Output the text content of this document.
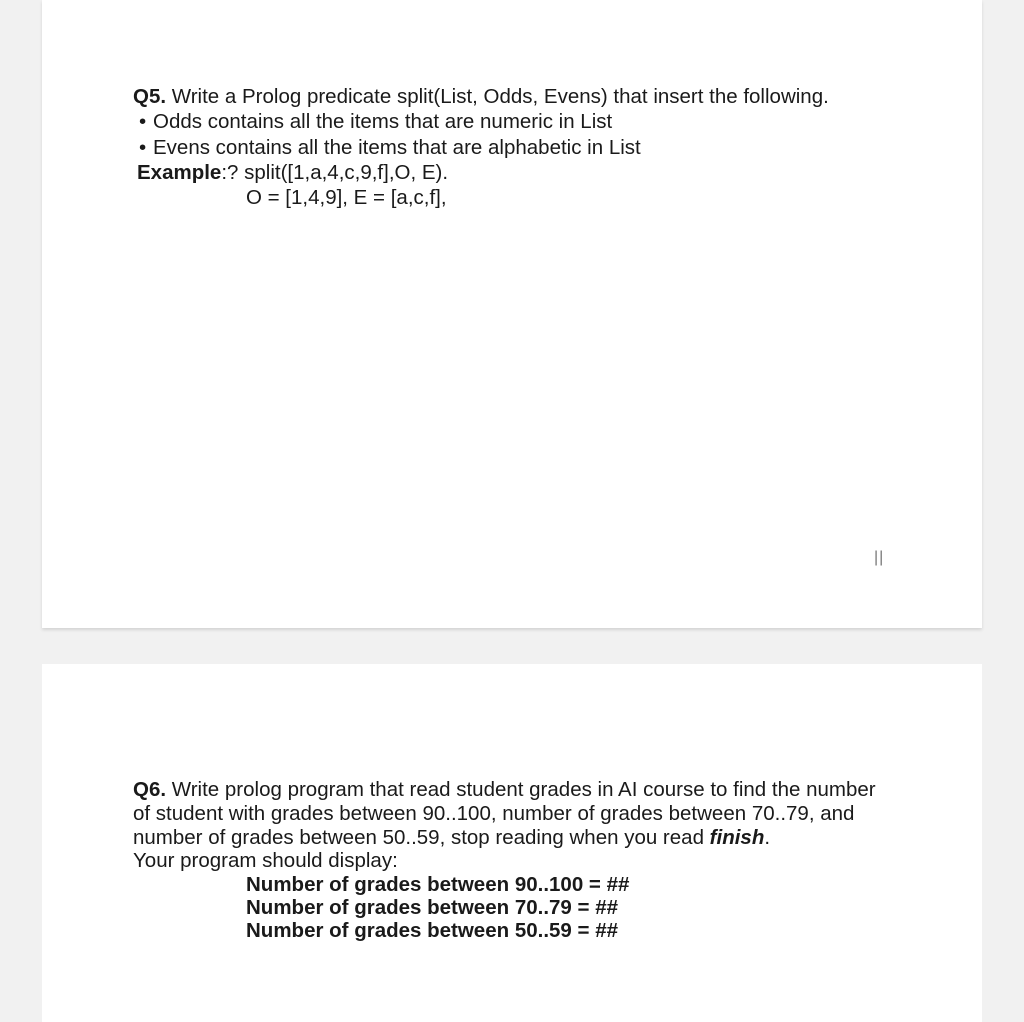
Q5. Write a Prolog predicate split(List, Odds, Evens) that insert the following.
• Odds contains all the items that are numeric in List
• Evens contains all the items that are alphabetic in List
Example:? split([1,a,4,c,9,f],O, E).
O = [1,4,9], E = [a,c,f],
||
Q6. Write prolog program that read student grades in AI course to find the number
of student with grades between 90..100, number of grades between 70..79, and
number of grades between 50..59, stop reading when you read finish.
Your program should display:
Number of grades between 90..100 = ##
Number of grades between 70..79 = ##
Number of grades between 50..59 = ##
